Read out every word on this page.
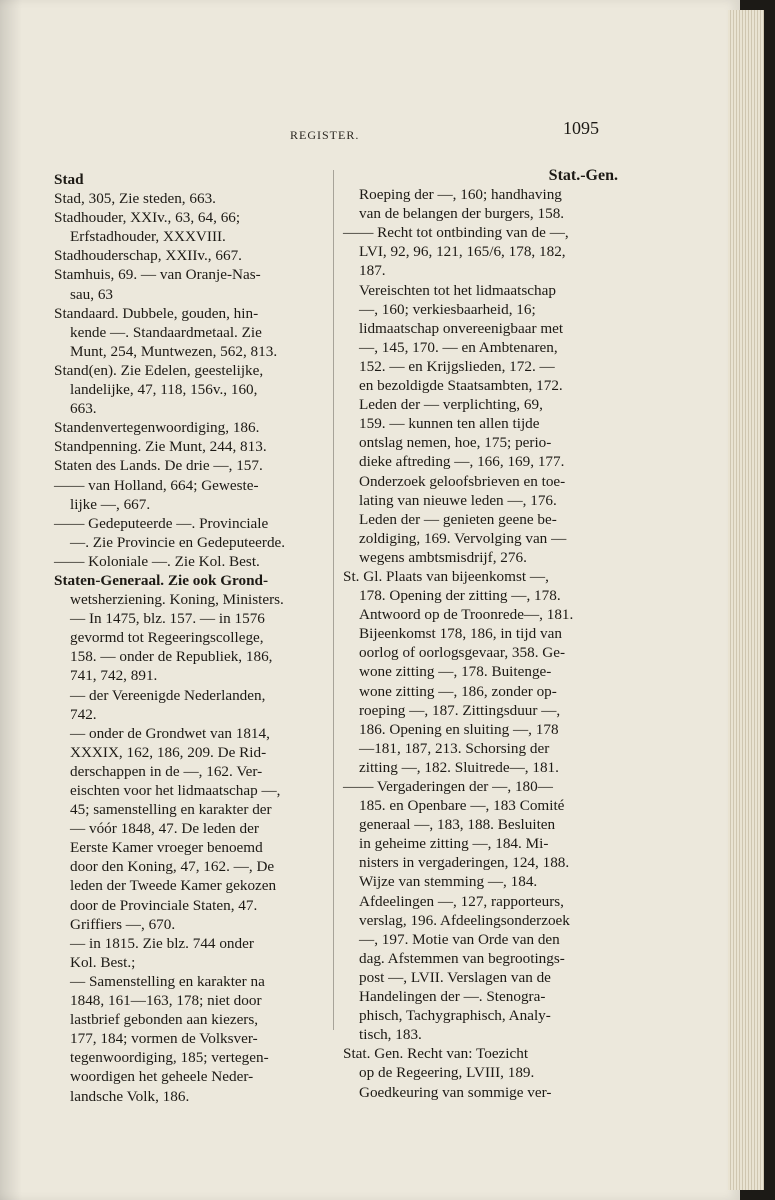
REGISTER.	1095
Stad
Stad, 305, Zie steden, 663.
Stadhouder, XXIv., 63, 64, 66;
Erfstadhouder, XXXVIII.
Stadhouderschap, XXIIv., 667.
Stamhuis, 69. — van Oranje-Nas-
sau, 63
Standaard. Dubbele, gouden, hin-
kende —. Standaardmetaal. Zie
Munt, 254, Muntwezen, 562, 813.
Stand(en). Zie Edelen, geestelijke,
landelijke, 47, 118, 156v., 160,
663.
Standenvertegenwoordiging, 186.
Standpenning. Zie Munt, 244, 813.
Staten des Lands. De drie —, 157.
—— van Holland, 664; Geweste-
lijke —, 667.
—— Gedeputeerde —. Provinciale
—. Zie Provincie en Gedeputeerde.
—— Koloniale —. Zie Kol. Best.
Staten-Generaal. Zie ook Grond-
wetsherziening. Koning, Ministers.
— In 1475, blz. 157. — in 1576
gevormd tot Regeeringscollege,
158. — onder de Republiek, 186,
741, 742, 891.
— der Vereenigde Nederlanden,
742.
— onder de Grondwet van 1814,
XXXIX, 162, 186, 209. De Rid-
derschappen in de —, 162. Ver-
eischten voor het lidmaatschap —,
45; samenstelling en karakter der
— vóór 1848, 47. De leden der
Eerste Kamer vroeger benoemd
door den Koning, 47, 162. —, De
leden der Tweede Kamer gekozen
door de Provinciale Staten, 47.
Griffiers —, 670.
— in 1815. Zie blz. 744 onder
Kol. Best.;
— Samenstelling en karakter na
1848, 161—163, 178; niet door
lastbrief gebonden aan kiezers,
177, 184; vormen de Volksver-
tegenwoordiging, 185; vertegen-
woordigen het geheele Neder-
landsche Volk, 186.
Stat.-Gen.
Roeping der —, 160; handhaving
van de belangen der burgers, 158.
—— Recht tot ontbinding van de —,
LVI, 92, 96, 121, 165/6, 178, 182,
187.
Vereischten tot het lidmaatschap
—, 160; verkiesbaarheid, 16;
lidmaatschap onvereenigbaar met
—, 145, 170. — en Ambtenaren,
152. — en Krijgslieden, 172. —
en bezoldigde Staatsambten, 172.
Leden der — verplichting, 69,
159. — kunnen ten allen tijde
ontslag nemen, hoe, 175; perio-
dieke aftreding —, 166, 169, 177.
Onderzoek geloofsbrieven en toe-
lating van nieuwe leden —, 176.
Leden der — genieten geene be-
zoldiging, 169. Vervolging van —
wegens ambtsmisdrijf, 276.
St. Gl. Plaats van bijeenkomst —,
178. Opening der zitting —, 178.
Antwoord op de Troonrede—, 181.
Bijeenkomst 178, 186, in tijd van
oorlog of oorlogsgevaar, 358. Ge-
wone zitting —, 178. Buitenge-
wone zitting —, 186, zonder op-
roeping —, 187. Zittingsduur —,
186. Opening en sluiting —, 178
—181, 187, 213. Schorsing der
zitting —, 182. Sluitrede—, 181.
—— Vergaderingen der —, 180—
185. en Openbare —, 183 Comité
generaal —, 183, 188. Besluiten
in geheime zitting —, 184. Mi-
nisters in vergaderingen, 124, 188.
Wijze van stemming —, 184.
Afdeelingen —, 127, rapporteurs,
verslag, 196. Afdeelingsonderzoek
—, 197. Motie van Orde van den
dag. Afstemmen van begrootings-
post —, LVII. Verslagen van de
Handelingen der —. Stenogra-
phisch, Tachygraphisch, Analy-
tisch, 183.
Stat. Gen. Recht van: Toezicht
op de Regeering, LVIII, 189.
Goedkeuring van sommige ver-
